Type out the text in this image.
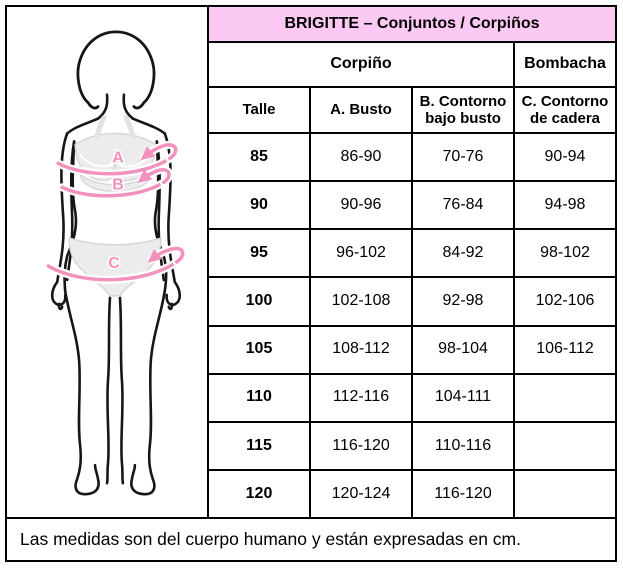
A
B
C
BRIGITTE – Conjuntos / Corpiños			
Corpiño			Bombacha

Talle	A. Busto	B. Contorno bajo busto	C. Contorno de cadera

85	86-90	70-76	90-94
90	90-96	76-84	94-98
95	96-102	84-92	98-102
100	102-108	92-98	102-106
105	108-112	98-104	106-112
110	112-116	104-111	
115	116-120	110-116	
120	120-124	116-120	
Las medidas son del cuerpo humano y están expresadas en cm.
